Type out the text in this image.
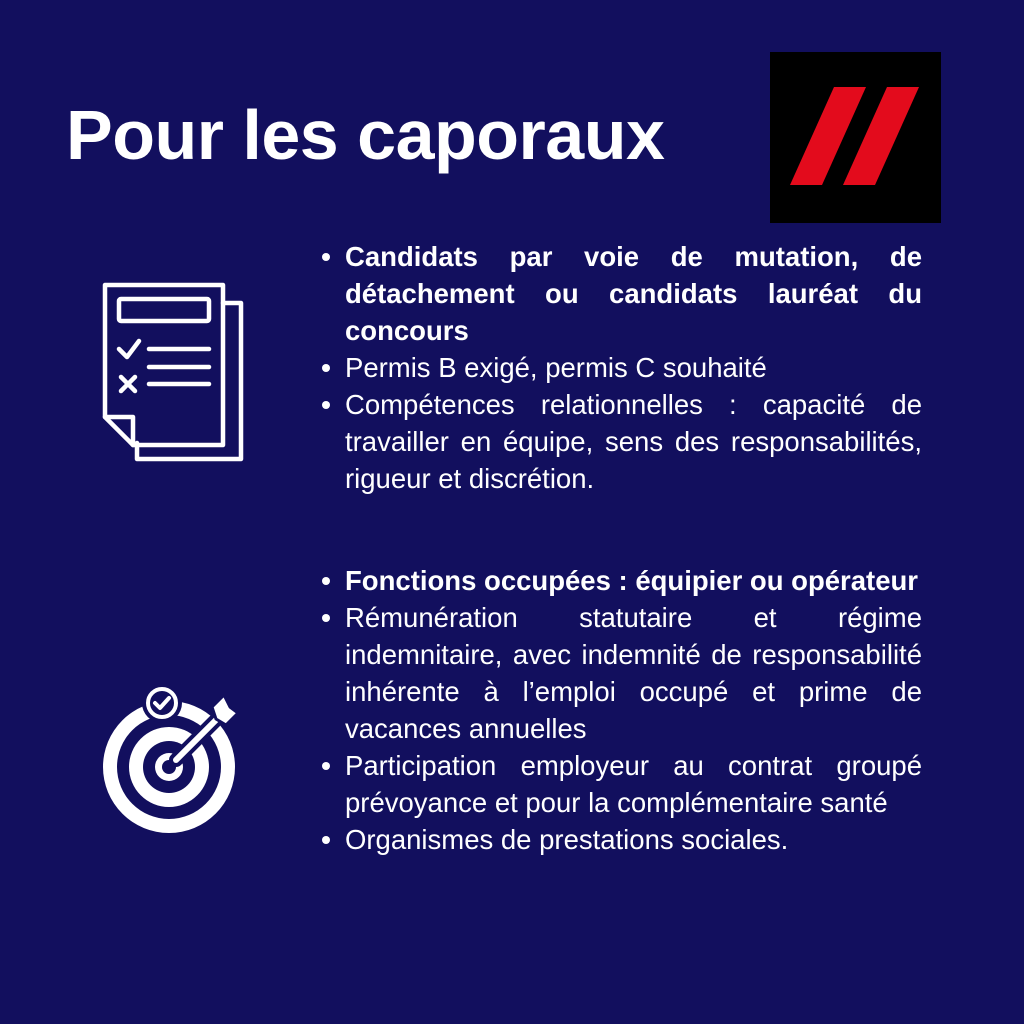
Pour les caporaux
Candidats par voie de mutation, de détachement ou candidats lauréat du concours
Permis B exigé, permis C souhaité
Compétences relationnelles : capacité de travailler en équipe, sens des responsabilités, rigueur et discrétion.
Fonctions occupées : équipier ou opérateur
Rémunération statutaire et régime indemnitaire, avec indemnité de responsabilité inhérente à l’emploi occupé et prime de vacances annuelles
Participation employeur au contrat groupé prévoyance et pour la complémentaire santé
Organismes de prestations sociales.
